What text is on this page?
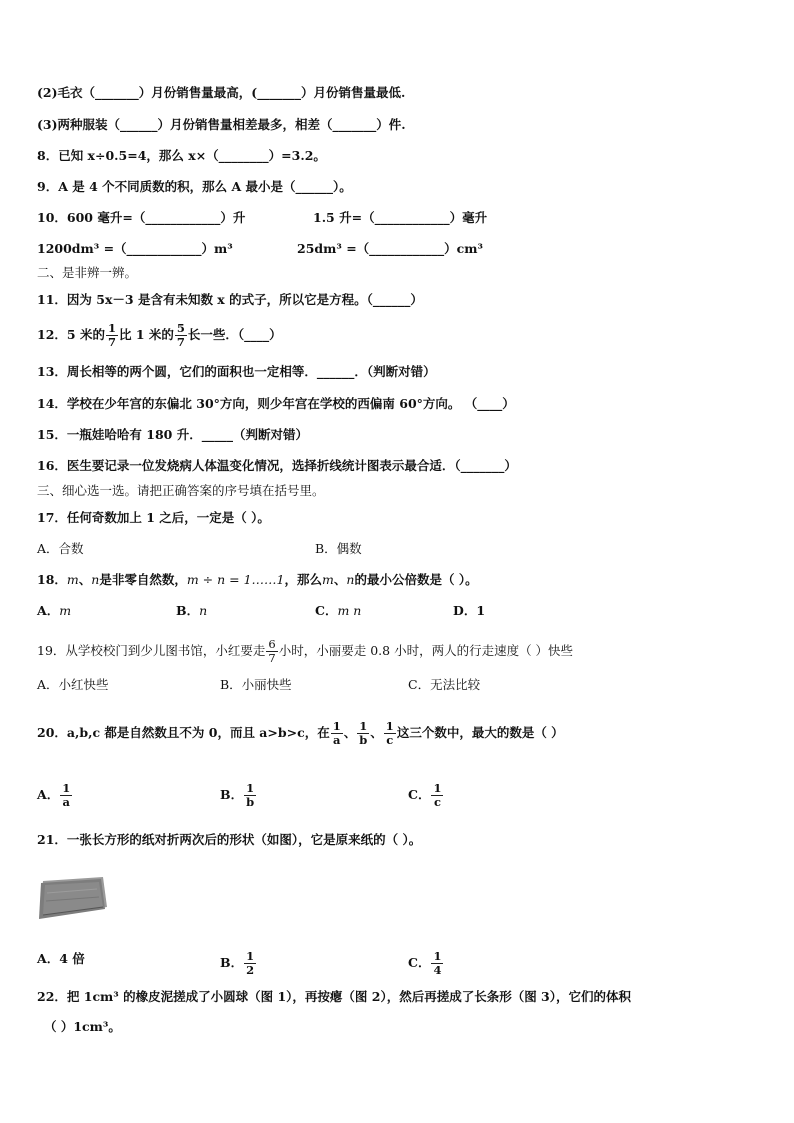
(2)毛衣（_______）月份销售量最高，(_______）月份销售量最低.
(3)两种服装（______）月份销售量相差最多，相差（_______）件.
8．已知 x÷0.5=4，那么 x×（________）=3.2。
9．A 是 4 个不同质数的积，那么 A 最小是（______）。
10．600 毫升=（____________）升	1.5 升=（____________）毫升
1200dm³ =（____________）m³	25dm³ =（____________）cm³
二、是非辨一辨。
11．因为 5x－3 是含有未知数 x 的式子，所以它是方程。（______）
12．5 米的 $\frac{1}{7}$ 比 1 米的 $\frac{5}{7}$ 长一些．（____）
13．周长相等的两个圆，它们的面积也一定相等．______．（判断对错）
14．学校在少年宫的东偏北 30°方向，则少年宫在学校的西偏南 60°方向。 （____）
15．一瓶娃哈哈有 180 升．_____（判断对错）
16．医生要记录一位发烧病人体温变化情况，选择折线统计图表示最合适．（_______）
三、细心选一选。请把正确答案的序号填在括号里。
17．任何奇数加上 1 之后，一定是（ ）。
A．合数	B．偶数
18．m、n是非零自然数，m ÷ n = 1……1，那么m、n的最小公倍数是（ ）。
A．m	B．n	C．m n	D．1
19．从学校校门到少儿图书馆，小红要走 $\frac{6}{7}$ 小时，小丽要走 0.8 小时，两人的行走速度（ ）快些
A．小红快些	B．小丽快些	C．无法比较
20．a,b,c 都是自然数且不为 0，而且 a>b>c，在 $\frac{1}{a}$ 、 $\frac{1}{b}$ 、 $\frac{1}{c}$ 这三个数中，最大的数是（ ）
A． $\frac{1}{a}$	B． $\frac{1}{b}$	C． $\frac{1}{c}$
21．一张长方形的纸对折两次后的形状（如图），它是原来纸的（ ）。
A．4 倍	B． $\frac{1}{2}$	C． $\frac{1}{4}$
22．把 1cm³ 的橡皮泥搓成了小圆球（图 1），再按瘪（图 2），然后再搓成了长条形（图 3），它们的体积
（ ）1cm³。
